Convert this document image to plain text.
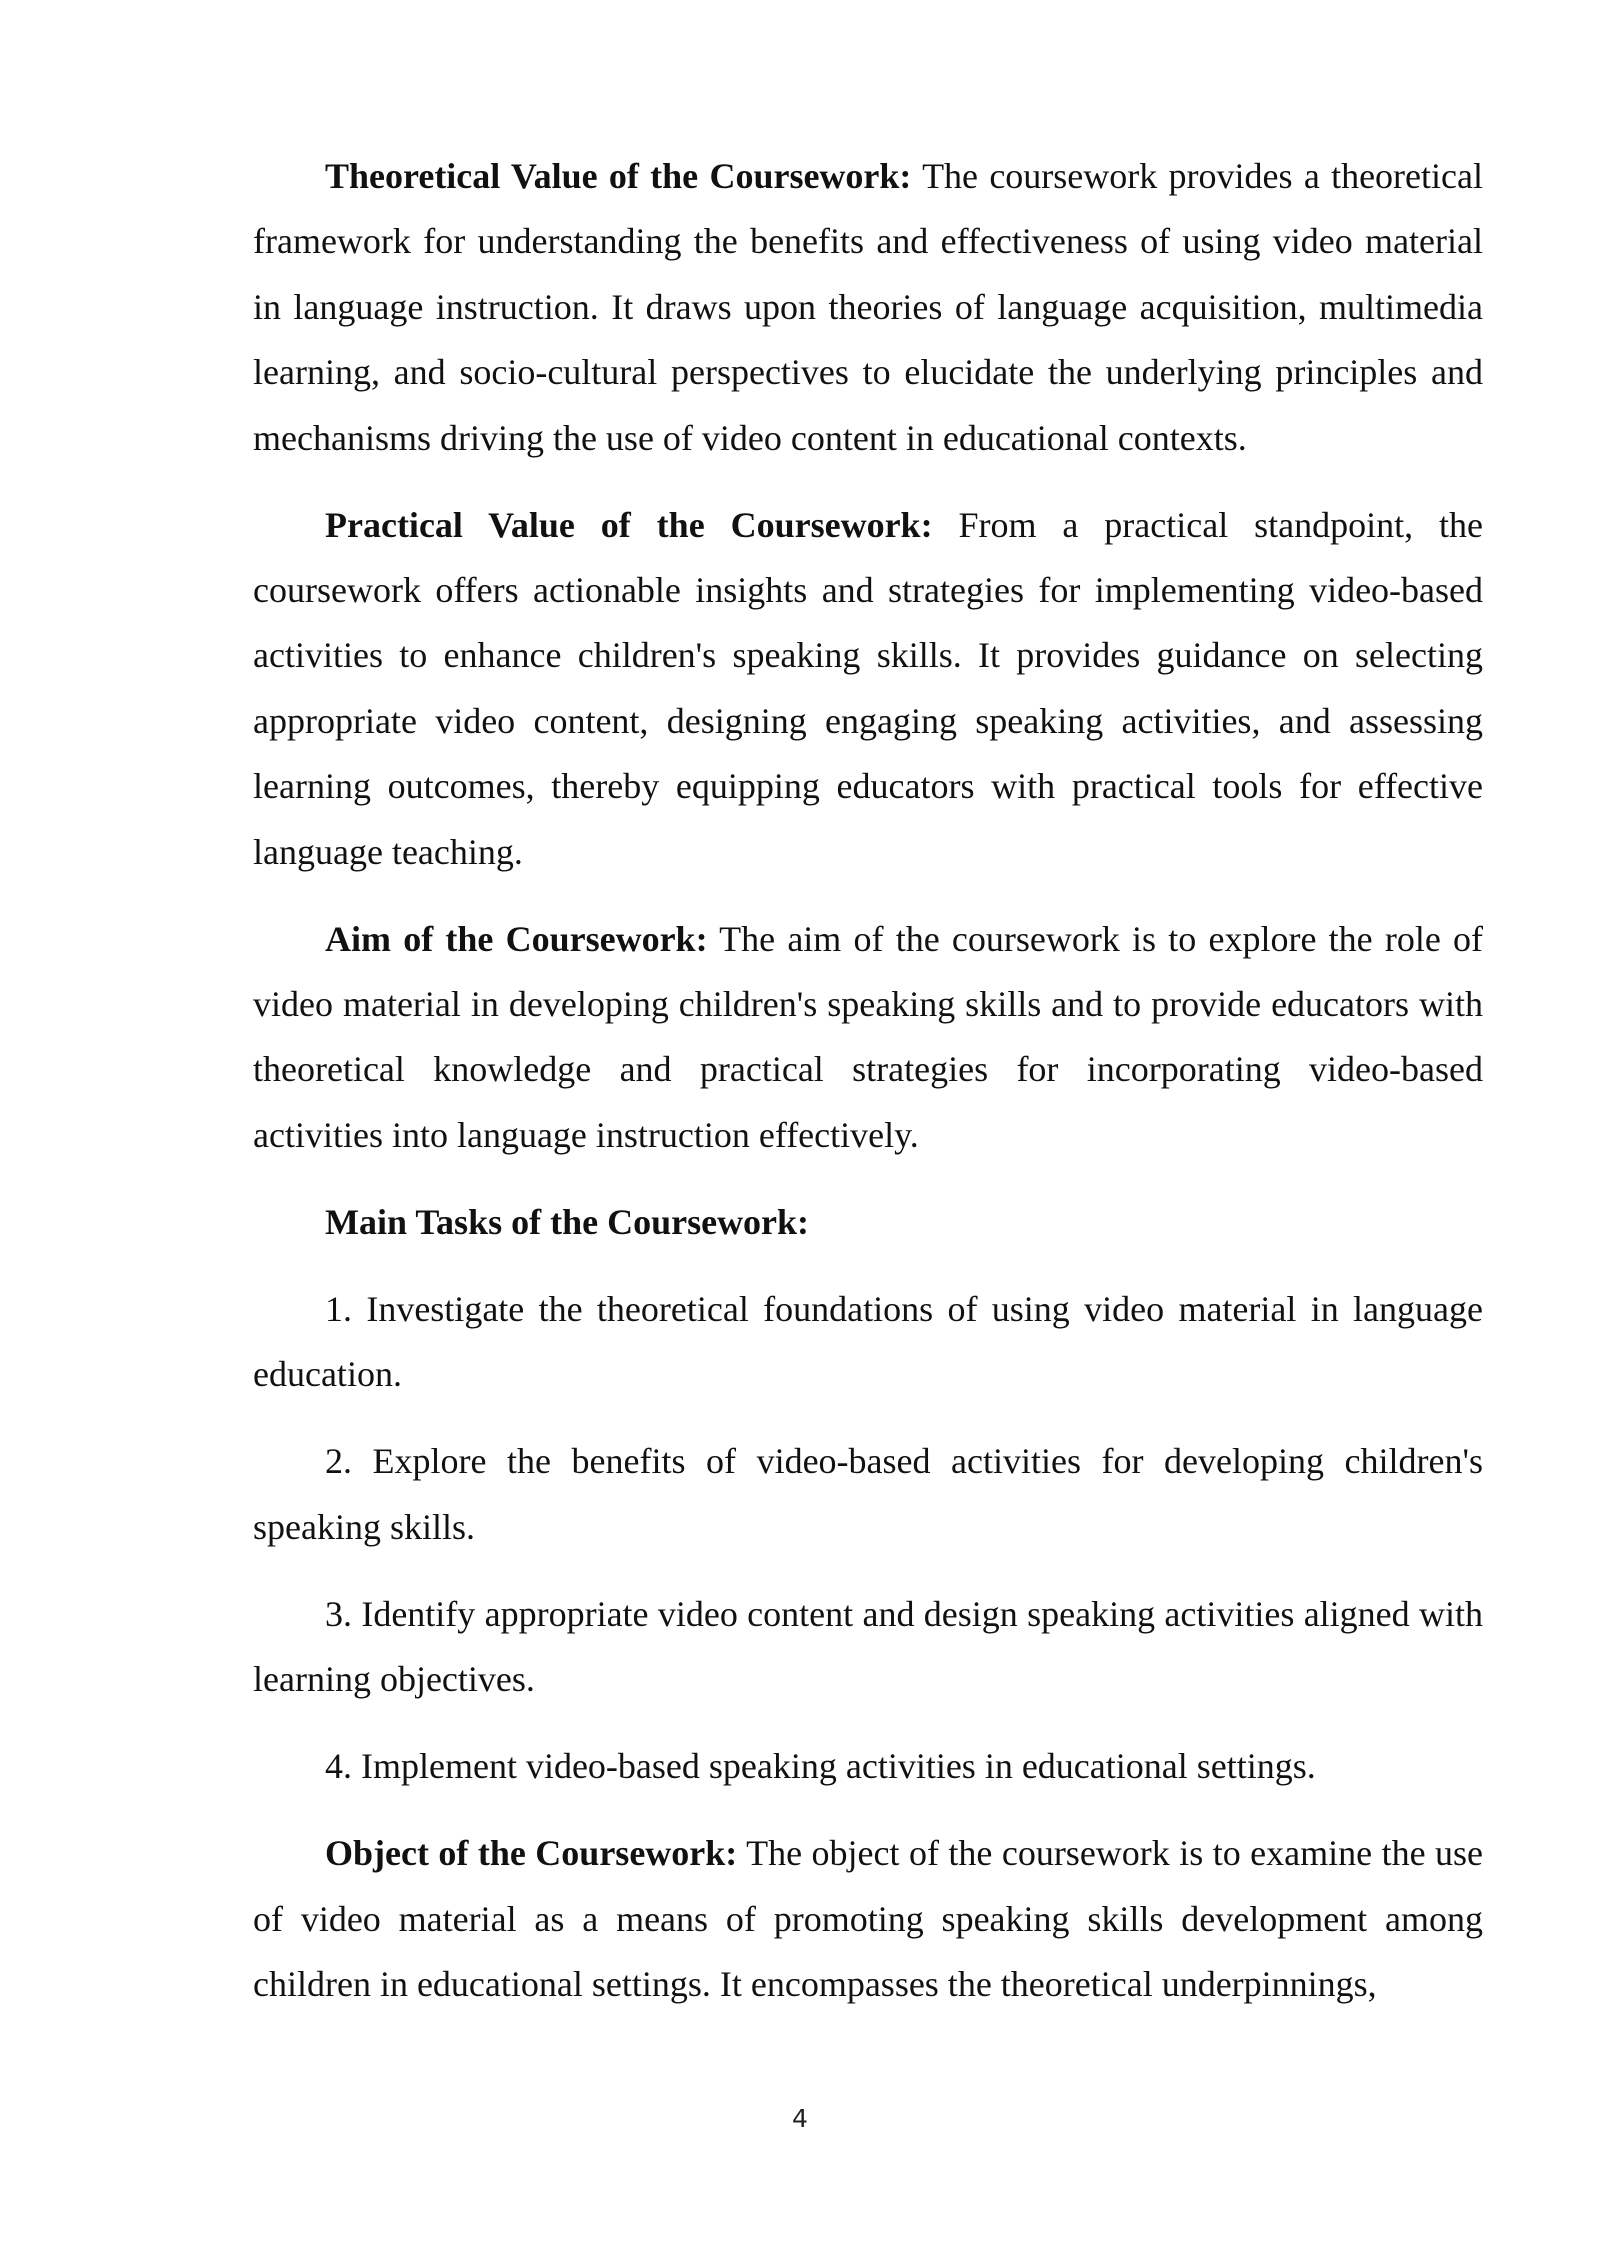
Theoretical Value of the Coursework: The coursework provides a theoretical framework for understanding the benefits and effectiveness of using video material in language instruction. It draws upon theories of language acquisition, multimedia learning, and socio-cultural perspectives to elucidate the underlying principles and mechanisms driving the use of video content in educational contexts.

Practical Value of the Coursework: From a practical standpoint, the coursework offers actionable insights and strategies for implementing video-based activities to enhance children's speaking skills. It provides guidance on selecting appropriate video content, designing engaging speaking activities, and assessing learning outcomes, thereby equipping educators with practical tools for effective language teaching.

Aim of the Coursework: The aim of the coursework is to explore the role of video material in developing children's speaking skills and to provide educators with theoretical knowledge and practical strategies for incorporating video-based activities into language instruction effectively.

Main Tasks of the Coursework:

1. Investigate the theoretical foundations of using video material in language education.

2. Explore the benefits of video-based activities for developing children's speaking skills.

3. Identify appropriate video content and design speaking activities aligned with learning objectives.

4. Implement video-based speaking activities in educational settings.

Object of the Coursework: The object of the coursework is to examine the use of video material as a means of promoting speaking skills development among children in educational settings. It encompasses the theoretical underpinnings,

4
